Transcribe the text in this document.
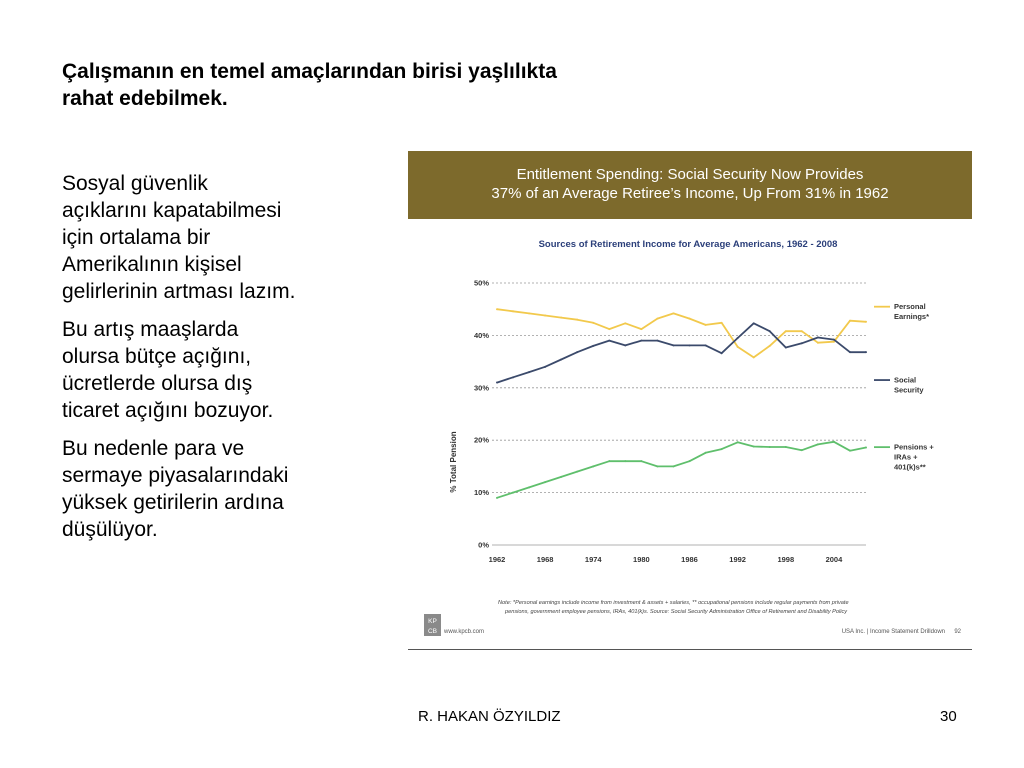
Çalışmanın en temel amaçlarından birisi yaşlılıkta
rahat edebilmek.
Sosyal güvenlik
açıklarını kapatabilmesi
için ortalama bir
Amerikalının kişisel
gelirlerinin artması lazım.
Bu artış maaşlarda
olursa bütçe açığını,
ücretlerde olursa dış
ticaret açığını bozuyor.
Bu nedenle para ve
sermaye piyasalarındaki
yüksek getirilerin ardına
düşülüyor.
Entitlement Spending: Social Security Now Provides
37% of an Average Retiree’s Income, Up From 31% in 1962
Sources of Retirement Income for Average Americans, 1962 - 2008
0%
10%
20%
30%
40%
50%
1962	1968	1974	1980	1986	1992	1998	2004
% Total Pension
Personal
Earnings*
Social
Security
Pensions +
IRAs +
401(k)s**
Note: *Personal earnings include income from investment & assets + salaries, ** occupational pensions include regular payments from private
pensions, government employee pensions, IRAs, 401(k)s. Source: Social Security Administration Office of Retirement and Disability Policy
KP
CB www.kpcb.com	USA Inc. | Income Statement Drilldown 92
R. HAKAN ÖZYILDIZ	30
